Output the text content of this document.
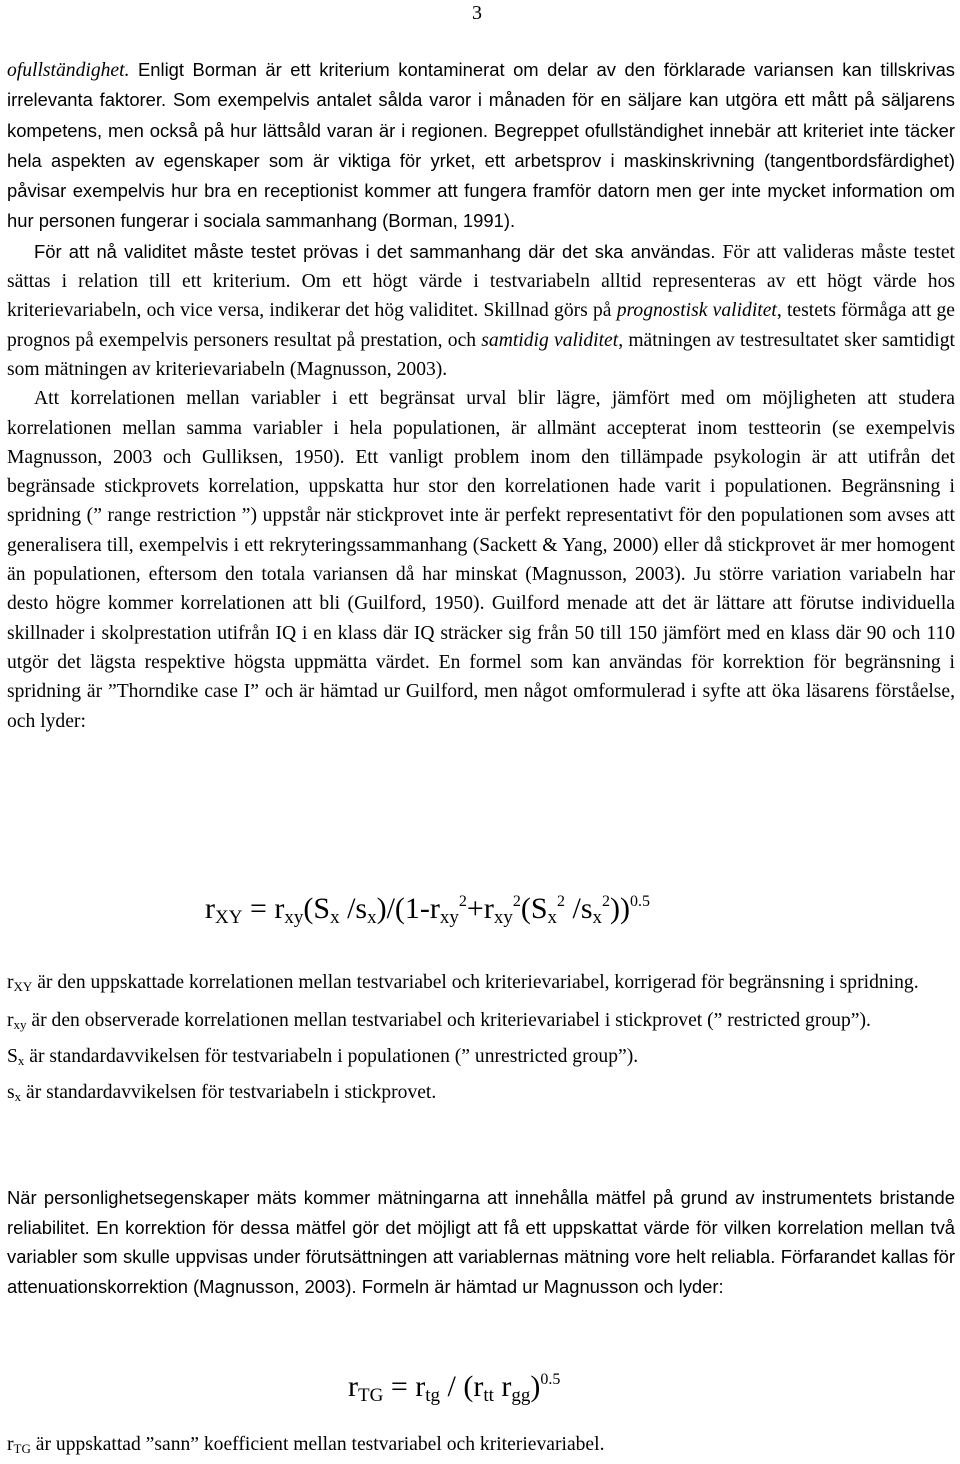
3

ofullständighet. Enligt Borman är ett kriterium kontaminerat om delar av den förklarade variansen kan tillskrivas irrelevanta faktorer. Som exempelvis antalet sålda varor i månaden för en säljare kan utgöra ett mått på säljarens kompetens, men också på hur lättsåld varan är i regionen. Begreppet ofullständighet innebär att kriteriet inte täcker hela aspekten av egenskaper som är viktiga för yrket, ett arbetsprov i maskinskrivning (tangentbordsfärdighet) påvisar exempelvis hur bra en receptionist kommer att fungera framför datorn men ger inte mycket information om hur personen fungerar i sociala sammanhang (Borman, 1991).

För att nå validitet måste testet prövas i det sammanhang där det ska användas. För att valideras måste testet sättas i relation till ett kriterium. Om ett högt värde i testvariabeln alltid representeras av ett högt värde hos kriterievariabeln, och vice versa, indikerar det hög validitet. Skillnad görs på prognostisk validitet, testets förmåga att ge prognos på exempelvis personers resultat på prestation, och samtidig validitet, mätningen av testresultatet sker samtidigt som mätningen av kriterievariabeln (Magnusson, 2003).

Att korrelationen mellan variabler i ett begränsat urval blir lägre, jämfört med om möjligheten att studera korrelationen mellan samma variabler i hela populationen, är allmänt accepterat inom testteorin (se exempelvis Magnusson, 2003 och Gulliksen, 1950). Ett vanligt problem inom den tillämpade psykologin är att utifrån det begränsade stickprovets korrelation, uppskatta hur stor den korrelationen hade varit i populationen. Begränsning i spridning (” range restriction ”) uppstår när stickprovet inte är perfekt representativt för den populationen som avses att generalisera till, exempelvis i ett rekryteringssammanhang (Sackett & Yang, 2000) eller då stickprovet är mer homogent än populationen, eftersom den totala variansen då har minskat (Magnusson, 2003). Ju större variation variabeln har desto högre kommer korrelationen att bli (Guilford, 1950). Guilford menade att det är lättare att förutse individuella skillnader i skolprestation utifrån IQ i en klass där IQ sträcker sig från 50 till 150 jämfört med en klass där 90 och 110 utgör det lägsta respektive högsta uppmätta värdet. En formel som kan användas för korrektion för begränsning i spridning är ”Thorndike case I” och är hämtad ur Guilford, men något omformulerad i syfte att öka läsarens förståelse, och lyder:

$r_{XY} = r_{xy}(S_x$ $/s_x)/(1-r_{xy}^2+r_{xy}^2(S_x^2$ $/s_x^2))^{0.5}$

$r_{XY}$ är den uppskattade korrelationen mellan testvariabel och kriterievariabel, korrigerad för begränsning i spridning.

$r_{xy}$ är den observerade korrelationen mellan testvariabel och kriterievariabel i stickprovet (” restricted group”).

$S_x$ är standardavvikelsen för testvariabeln i populationen (” unrestricted group”).

$s_x$ är standardavvikelsen för testvariabeln i stickprovet.

När personlighetsegenskaper mäts kommer mätningarna att innehålla mätfel på grund av instrumentets bristande reliabilitet. En korrektion för dessa mätfel gör det möjligt att få ett uppskattat värde för vilken korrelation mellan två variabler som skulle uppvisas under förutsättningen att variablernas mätning vore helt reliabla. Förfarandet kallas för attenuationskorrektion (Magnusson, 2003). Formeln är hämtad ur Magnusson och lyder:

$r_{TG} = r_{tg} / (r_{tt}$ $r_{gg})^{0.5}$

$r_{TG}$ är uppskattad ”sann” koefficient mellan testvariabel och kriterievariabel.
